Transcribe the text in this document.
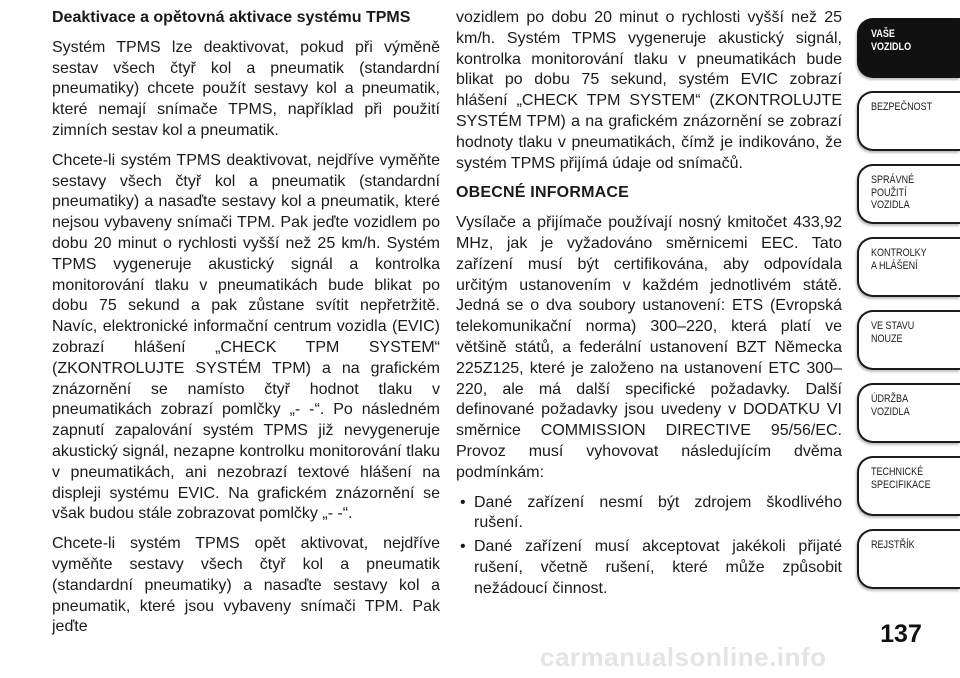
Deaktivace a opětovná aktivace systému TPMS

Systém TPMS lze deaktivovat, pokud při výměně sestav všech čtyř kol a pneumatik (standardní pneumatiky) chcete použít sestavy kol a pneumatik, které nemají snímače TPMS, například při použití zimních sestav kol a pneumatik.

Chcete-li systém TPMS deaktivovat, nejdříve vyměňte sestavy všech čtyř kol a pneumatik (standardní pneumatiky) a nasaďte sestavy kol a pneumatik, které nejsou vybaveny snímači TPM. Pak jeďte vozidlem po dobu 20 minut o rychlosti vyšší než 25 km/h. Systém TPMS vygeneruje akustický signál a kontrolka monitorování tlaku v pneumatikách bude blikat po dobu 75 sekund a pak zůstane svítit nepřetržitě. Navíc, elektronické informační centrum vozidla (EVIC) zobrazí hlášení „CHECK TPM SYSTEM“ (ZKONTROLUJTE SYSTÉM TPM) a na grafickém znázornění se namísto čtyř hodnot tlaku v pneumatikách zobrazí pomlčky „- -“. Po následném zapnutí zapalování systém TPMS již nevygeneruje akustický signál, nezapne kontrolku monitorování tlaku v pneumatikách, ani nezobrazí textové hlášení na displeji systému EVIC. Na grafickém znázornění se však budou stále zobrazovat pomlčky „- -“.

Chcete-li systém TPMS opět aktivovat, nejdříve vyměňte sestavy všech čtyř kol a pneumatik (standardní pneumatiky) a nasaďte sestavy kol a pneumatik, které jsou vybaveny snímači TPM. Pak jeďte

vozidlem po dobu 20 minut o rychlosti vyšší než 25 km/h. Systém TPMS vygeneruje akustický signál, kontrolka monitorování tlaku v pneumatikách bude blikat po dobu 75 sekund, systém EVIC zobrazí hlášení „CHECK TPM SYSTEM“ (ZKONTROLUJTE SYSTÉM TPM) a na grafickém znázornění se zobrazí hodnoty tlaku v pneumatikách, čímž je indikováno, že systém TPMS přijímá údaje od snímačů.

OBECNÉ INFORMACE

Vysílače a přijímače používají nosný kmitočet 433,92 MHz, jak je vyžadováno směrnicemi EEC. Tato zařízení musí být certifikována, aby odpovídala určitým ustanovením v každém jednotlivém státě. Jedná se o dva soubory ustanovení: ETS (Evropská telekomunikační norma) 300–220, která platí ve většině států, a federální ustanovení BZT Německa 225Z125, které je založeno na ustanovení ETC 300–220, ale má další specifické požadavky. Další definované požadavky jsou uvedeny v DODATKU VI směrnice COMMISSION DIRECTIVE 95/56/EC. Provoz musí vyhovovat následujícím dvěma podmínkám:

• Dané zařízení nesmí být zdrojem škodlivého rušení.
• Dané zařízení musí akceptovat jakékoli přijaté rušení, včetně rušení, které může způsobit nežádoucí činnost.
VAŠE
VOZIDLO
BEZPEČNOST
SPRÁVNÉ
POUŽITÍ
VOZIDLA
KONTROLKY
A HLÁŠENÍ
VE STAVU
NOUZE
ÚDRŽBA
VOZIDLA
TECHNICKÉ
SPECIFIKACE
REJSTŘÍK
137
carmanualsonline.info
